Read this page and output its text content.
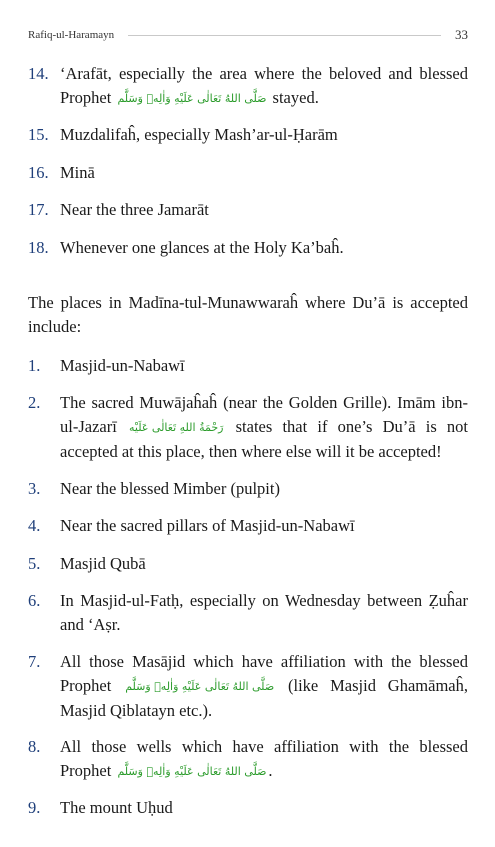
Rafiq-ul-Haramayn	33
14. ‘Arafāt, especially the area where the beloved and blessed Prophet صَلَّى اللهُ تَعَالٰى عَلَيْهِ وَاٰلِهٖ وَسَلَّم stayed.
15. Muzdalifaĥ, especially Mash’ar-ul-Ḥarām
16. Minā
17. Near the three Jamarāt
18. Whenever one glances at the Holy Ka’baĥ.
The places in Madīna-tul-Munawwaraĥ where Du’ā is accepted include:
1.	Masjid-un-Nabawī
2.	The sacred Muwājaĥaĥ (near the Golden Grille). Imām ibn-ul-Jazarī رَحْمَةُ اللهِ تَعَالٰى عَلَيْه states that if one’s Du’ā is not accepted at this place, then where else will it be accepted!
3.	Near the blessed Mimber (pulpit)
4.	Near the sacred pillars of Masjid-un-Nabawī
5.	Masjid Qubā
6.	In Masjid-ul-Fatḥ, especially on Wednesday between Ẓuĥar and ‘Aṣr.
7.	All those Masājid which have affiliation with the blessed Prophet صَلَّى اللهُ تَعَالٰى عَلَيْهِ وَاٰلِهٖ وَسَلَّم (like Masjid Ghamāmaĥ, Masjid Qiblatayn etc.).
8.	All those wells which have affiliation with the blessed Prophet صَلَّى اللهُ تَعَالٰى عَلَيْهِ وَاٰلِهٖ وَسَلَّم .
9.	The mount Uḥud
